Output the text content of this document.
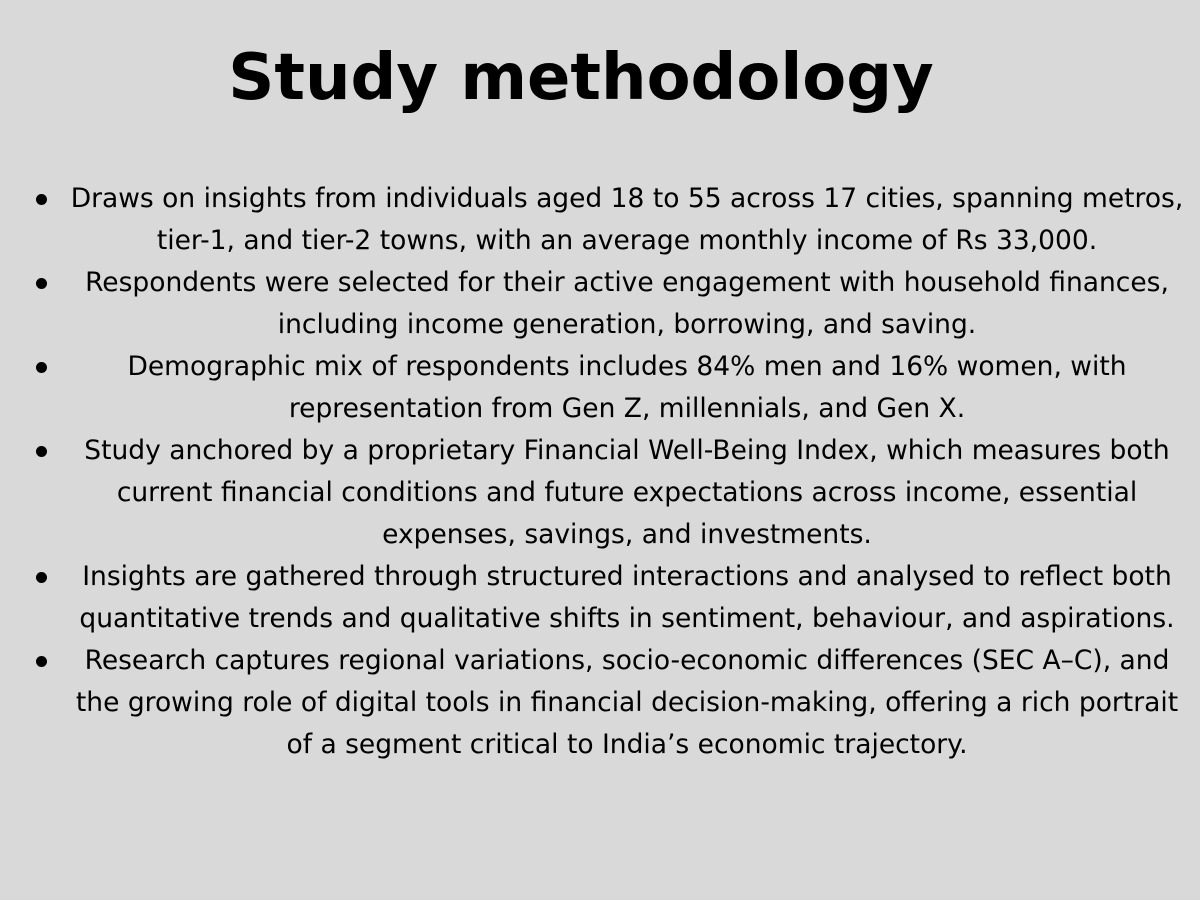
Study methodology
Draws on insights from individuals aged 18 to 55 across 17 cities, spanning metros, tier-1, and tier-2 towns, with an average monthly income of Rs 33,000.
Respondents were selected for their active engagement with household finances, including income generation, borrowing, and saving.
Demographic mix of respondents includes 84% men and 16% women, with representation from Gen Z, millennials, and Gen X.
Study anchored by a proprietary Financial Well-Being Index, which measures both current financial conditions and future expectations across income, essential expenses, savings, and investments.
Insights are gathered through structured interactions and analysed to reflect both quantitative trends and qualitative shifts in sentiment, behaviour, and aspirations.
Research captures regional variations, socio-economic differences (SEC A–C), and the growing role of digital tools in financial decision-making, offering a rich portrait of a segment critical to India’s economic trajectory.
